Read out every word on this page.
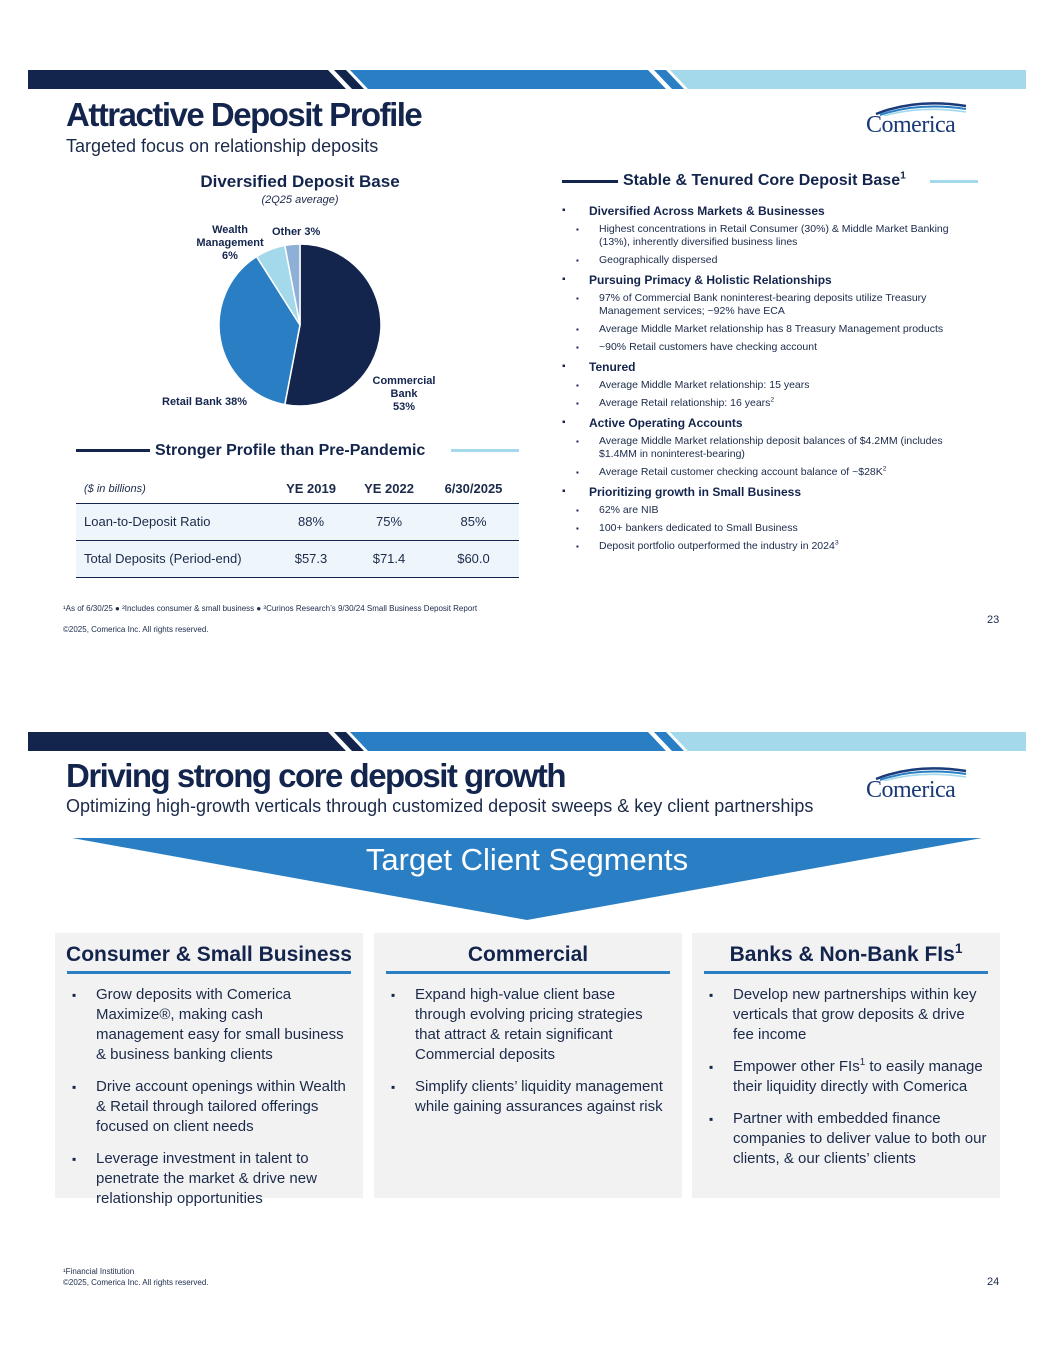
Attractive Deposit Profile
Targeted focus on relationship deposits
Comerica
Diversified Deposit Base
(2Q25 average)
Commercial
Bank
53%
Retail Bank 38%
Wealth
Management
6%
Other 3%
Stronger Profile than Pre-Pandemic
($ in billions)	YE 2019	YE 2022	6/30/2025
Loan-to-Deposit Ratio	88%	75%	85%
Total Deposits (Period-end)	$57.3	$71.4	$60.0
Stable & Tenured Core Deposit Base$^1$
▪ Diversified Across Markets & Businesses
▪ Highest concentrations in Retail Consumer (30%) & Middle Market Banking (13%), inherently diversified business lines
▪ Geographically dispersed
▪ Pursuing Primacy & Holistic Relationships
▪ 97% of Commercial Bank noninterest-bearing deposits utilize Treasury Management services; ~92% have ECA
▪ Average Middle Market relationship has 8 Treasury Management products
▪ ~90% Retail customers have checking account
▪ Tenured
▪ Average Middle Market relationship: 15 years
▪ Average Retail relationship: 16 years$^2$
▪ Active Operating Accounts
▪ Average Middle Market relationship deposit balances of $4.2MM (includes $1.4MM in noninterest-bearing)
▪ Average Retail customer checking account balance of $\sim\$28K^2$
▪ Prioritizing growth in Small Business
▪ 62% are NIB
▪ 100+ bankers dedicated to Small Business
▪ Deposit portfolio outperformed the industry in 2024$^3$
¹As of 6/30/25 ● ²Includes consumer & small business ● ³Curinos Research’s 9/30/24 Small Business Deposit Report
©2025, Comerica Inc. All rights reserved.
23
Driving strong core deposit growth
Optimizing high-growth verticals through customized deposit sweeps & key client partnerships
Comerica
Target Client Segments
Consumer & Small Business
▪ Grow deposits with Comerica Maximize®, making cash management easy for small business & business banking clients
▪ Drive account openings within Wealth & Retail through tailored offerings focused on client needs
▪ Leverage investment in talent to penetrate the market & drive new relationship opportunities
Commercial
▪ Expand high-value client base through evolving pricing strategies that attract & retain significant Commercial deposits
▪ Simplify clients’ liquidity management while gaining assurances against risk
Banks & Non-Bank FIs$^1$
▪ Develop new partnerships within key verticals that grow deposits & drive fee income
▪ Empower other FIs$^1$ to easily manage their liquidity directly with Comerica
▪ Partner with embedded finance companies to deliver value to both our clients, & our clients’ clients
¹Financial Institution
©2025, Comerica Inc. All rights reserved.	24
